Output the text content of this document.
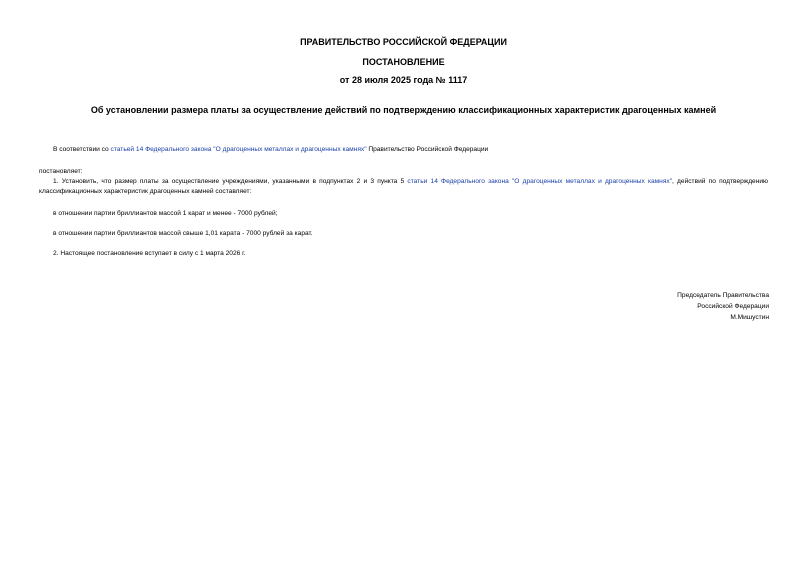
ПРАВИТЕЛЬСТВО РОССИЙСКОЙ ФЕДЕРАЦИИ
ПОСТАНОВЛЕНИЕ
от 28 июля 2025 года № 1117
Об установлении размера платы за осуществление действий по подтверждению классификационных характеристик драгоценных камней
В соответствии со статьей 14 Федерального закона "О драгоценных металлах и драгоценных камнях" Правительство Российской Федерации
постановляет:
1. Установить, что размер платы за осуществление учреждениями, указанными в подпунктах 2 и 3 пункта 5 статьи 14 Федерального закона "О драгоценных металлах и драгоценных камнях", действий по подтверждению классификационных характеристик драгоценных камней составляет:
в отношении партии бриллиантов массой 1 карат и менее - 7000 рублей;
в отношении партии бриллиантов массой свыше 1,01 карата - 7000 рублей за карат.
2. Настоящее постановление вступает в силу с 1 марта 2026 г.
Председатель Правительства
Российской Федерации
М.Мишустин
